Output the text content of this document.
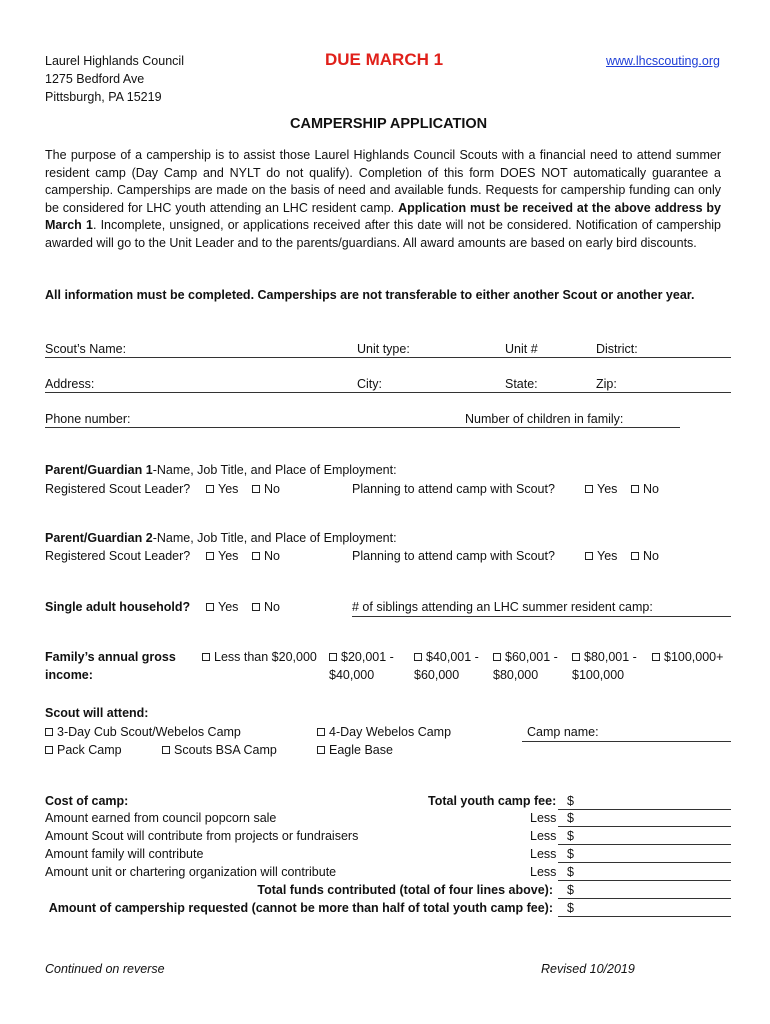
Laurel Highlands Council
1275 Bedford Ave
Pittsburgh, PA 15219
DUE MARCH 1	www.lhcscouting.org
CAMPERSHIP APPLICATION
The purpose of a campership is to assist those Laurel Highlands Council Scouts with a financial need to attend summer resident camp (Day Camp and NYLT do not qualify). Completion of this form DOES NOT automatically guarantee a campership. Camperships are made on the basis of need and available funds. Requests for campership funding can only be considered for LHC youth attending an LHC resident camp. Application must be received at the above address by March 1. Incomplete, unsigned, or applications received after this date will not be considered. Notification of campership awarded will go to the Unit Leader and to the parents/guardians. All award amounts are based on early bird discounts.
All information must be completed. Camperships are not transferable to either another Scout or another year.
Scout’s Name:	Unit type:	Unit #	District:
Address:	City:	State:	Zip:
Phone number:	Number of children in family:
Parent/Guardian 1-Name, Job Title, and Place of Employment:
Registered Scout Leader?	Yes	No	Planning to attend camp with Scout?	Yes	No
Parent/Guardian 2-Name, Job Title, and Place of Employment:
Registered Scout Leader?	Yes	No	Planning to attend camp with Scout?	Yes	No
Single adult household?	Yes	No	# of siblings attending an LHC summer resident camp:
Family’s annual gross
income:
Less than $20,000	$20,001 -
$40,000
$40,001 -
$60,000
$60,001 -
$80,000
$80,001 -
$100,000
$100,000+
Scout will attend:
3-Day Cub Scout/Webelos Camp	4-Day Webelos Camp	Camp name:
Pack Camp	Scouts BSA Camp	Eagle Base
Cost of camp:	Total youth camp fee: $
Amount earned from council popcorn sale	Less $
Amount Scout will contribute from projects or fundraisers	Less $
Amount family will contribute	Less $
Amount unit or chartering organization will contribute	Less $
Total funds contributed (total of four lines above): $
Amount of campership requested (cannot be more than half of total youth camp fee): $
Continued on reverse	Revised 10/2019
